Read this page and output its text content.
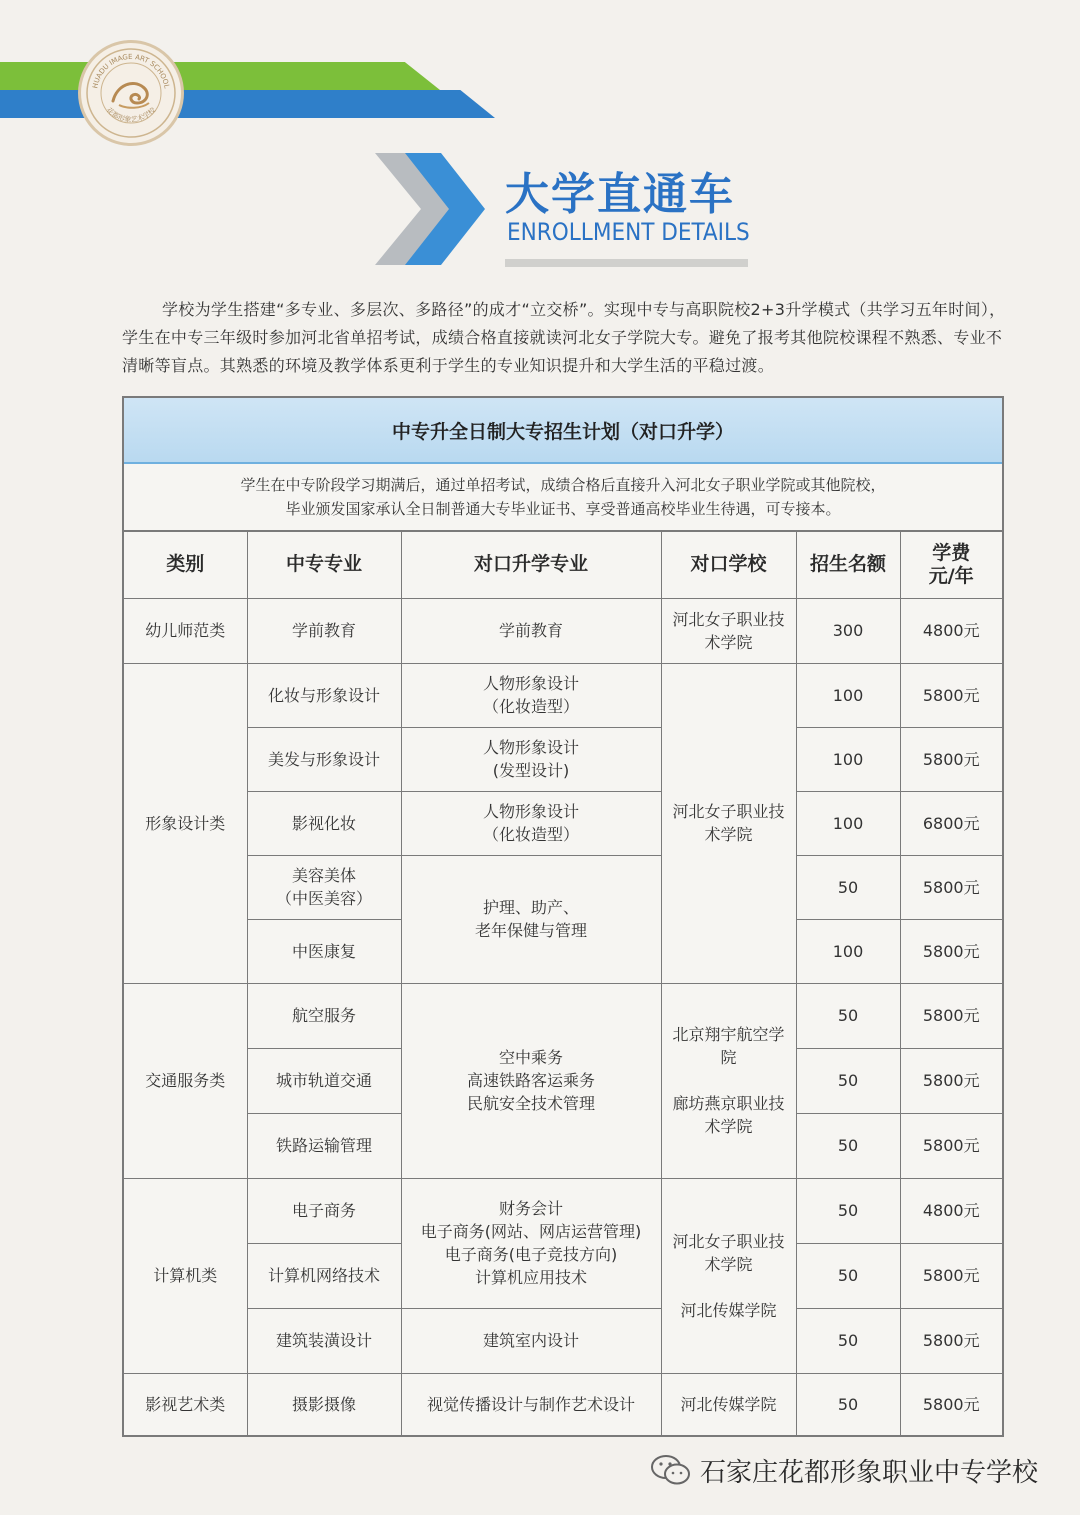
HUADU IMAGE ART SCHOOL
花都形象艺术学校
大学直通车
ENROLLMENT DETAILS

学校为学生搭建“多专业、多层次、多路径”的成才“立交桥”。实现中专与高职院校2+3升学模式（共学习五年时间），学生在中专三年级时参加河北省单招考试，成绩合格直接就读河北女子学院大专。避免了报考其他院校课程不熟悉、专业不清晰等盲点。其熟悉的环境及教学体系更利于学生的专业知识提升和大学生活的平稳过渡。

中专升全日制大专招生计划（对口升学）
学生在中专阶段学习期满后，通过单招考试，成绩合格后直接升入河北女子职业学院或其他院校，
毕业颁发国家承认全日制普通大专毕业证书、享受普通高校毕业生待遇，可专接本。
类别	中专专业	对口升学专业	对口学校	招生名额	学费
元/年
幼儿师范类	学前教育	学前教育	河北女子职业技
术学院	300	4800元
形象设计类	化妆与形象设计	人物形象设计
（化妆造型）	河北女子职业技
术学院	100	5800元
	美发与形象设计	人物形象设计
(发型设计)		100	5800元
	影视化妆	人物形象设计
（化妆造型）		100	6800元
	美容美体
（中医美容）	护理、助产、
老年保健与管理		50	5800元
	中医康复			100	5800元
交通服务类	航空服务	空中乘务
高速铁路客运乘务
民航安全技术管理	北京翔宇航空学
院

廊坊燕京职业技
术学院	50	5800元
	城市轨道交通			50	5800元
	铁路运输管理			50	5800元
计算机类	电子商务	财务会计
电子商务(网站、网店运营管理)
电子商务(电子竞技方向)
计算机应用技术	河北女子职业技
术学院

河北传媒学院	50	4800元
	计算机网络技术			50	5800元
	建筑装潢设计	建筑室内设计		50	5800元
影视艺术类	摄影摄像	视觉传播设计与制作艺术设计	河北传媒学院	50	5800元
石家庄花都形象职业中专学校
